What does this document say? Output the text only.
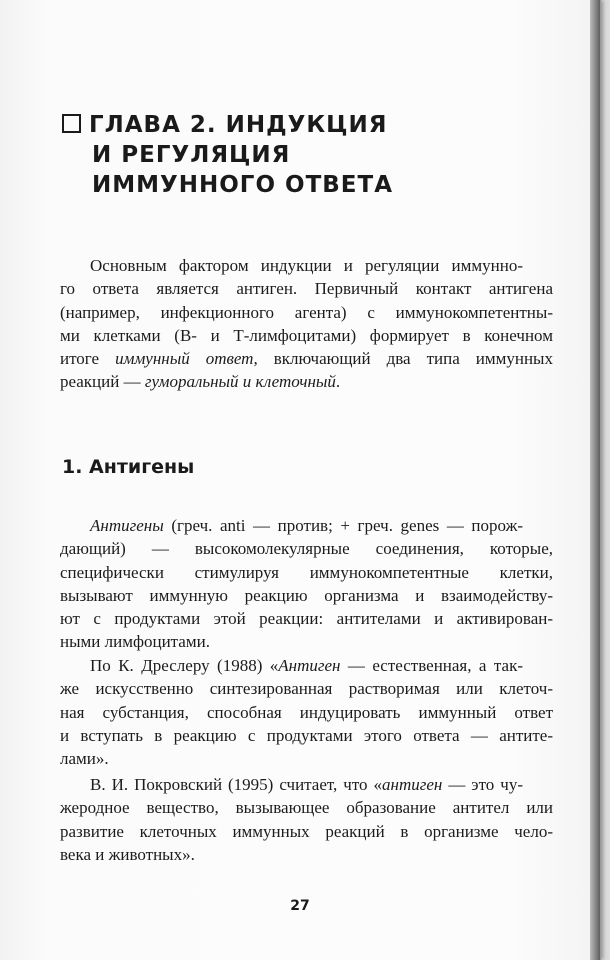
ГЛАВА 2. ИНДУКЦИЯ
И РЕГУЛЯЦИЯ
ИММУННОГО ОТВЕТА
Основным фактором индукции и регуляции иммунно-
го ответа является антиген. Первичный контакт антигена
(например, инфекционного агента) с иммунокомпетентны-
ми клетками (В- и Т-лимфоцитами) формирует в конечном
итоге иммунный ответ, включающий два типа иммунных
реакций — гуморальный и клеточный.
1. Антигены
Антигены (греч. anti — против; + греч. genes — порож-
дающий) — высокомолекулярные соединения, которые,
специфически стимулируя иммунокомпетентные клетки,
вызывают иммунную реакцию организма и взаимодейству-
ют с продуктами этой реакции: антителами и активирован-
ными лимфоцитами.
По К. Дреслеру (1988) «Антиген — естественная, а так-
же искусственно синтезированная растворимая или клеточ-
ная субстанция, способная индуцировать иммунный ответ
и вступать в реакцию с продуктами этого ответа — антите-
лами».
В. И. Покровский (1995) считает, что «антиген — это чу-
жеродное вещество, вызывающее образование антител или
развитие клеточных иммунных реакций в организме чело-
века и животных».
27
